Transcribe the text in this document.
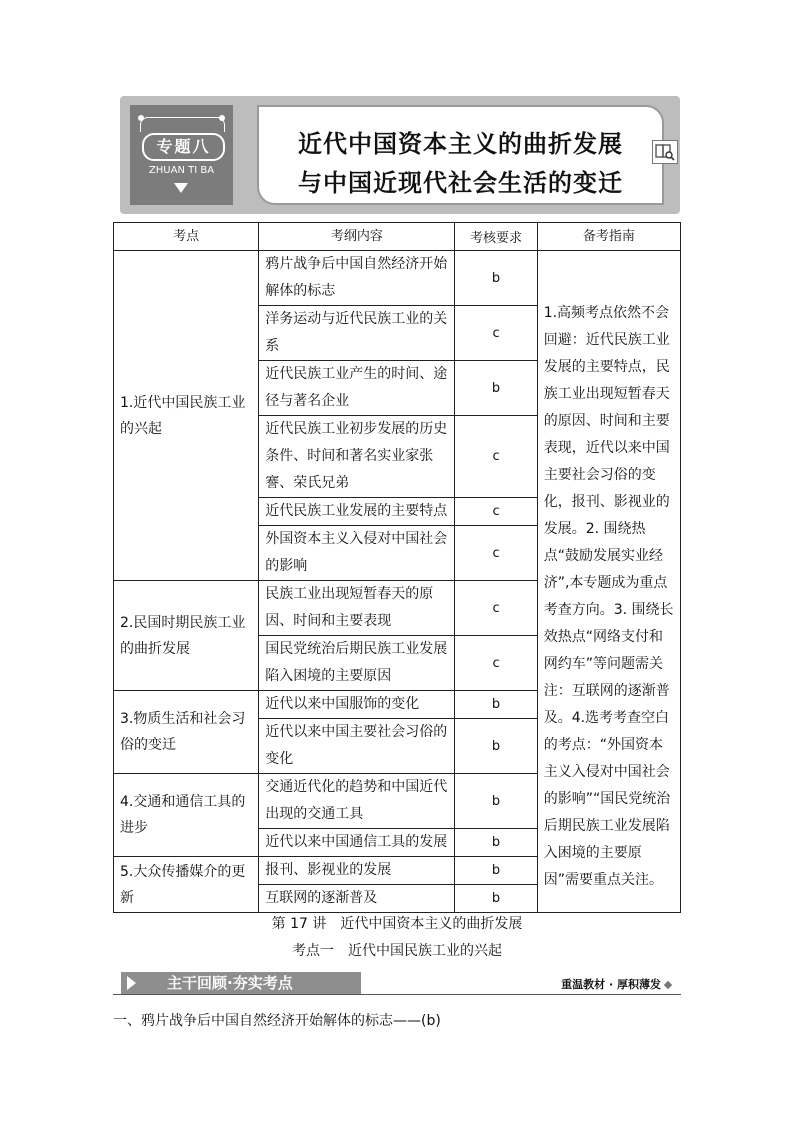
专题八
ZHUAN TI BA
近代中国资本主义的曲折发展
与中国近现代社会生活的变迁
考点	考纲内容	考核要求	备考指南
1.近代中国民族工业的兴起	鸦片战争后中国自然经济开始解体的标志	b	1.高频考点依然不会回避：近代民族工业发展的主要特点，民族工业出现短暂春天的原因、时间和主要表现，近代以来中国主要社会习俗的变化，报刊、影视业的发展。2. 围绕热点“鼓励发展实业经济”,本专题成为重点考查方向。3. 围绕长效热点“网络支付和网约车”等问题需关注：互联网的逐渐普及。4.选考考查空白的考点：“外国资本主义入侵对中国社会的影响”“国民党统治后期民族工业发展陷入困境的主要原因”需要重点关注。
	洋务运动与近代民族工业的关系	c	
	近代民族工业产生的时间、途径与著名企业	b	
	近代民族工业初步发展的历史条件、时间和著名实业家张謇、荣氏兄弟	c	
	近代民族工业发展的主要特点	c	
	外国资本主义入侵对中国社会的影响	c	
2.民国时期民族工业的曲折发展	民族工业出现短暂春天的原因、时间和主要表现	c	
	国民党统治后期民族工业发展陷入困境的主要原因	c	
3.物质生活和社会习俗的变迁	近代以来中国服饰的变化	b	
	近代以来中国主要社会习俗的变化	b	
4.交通和通信工具的进步	交通近代化的趋势和中国近代出现的交通工具	b	
	近代以来中国通信工具的发展	b	
5.大众传播媒介的更新	报刊、影视业的发展	b	
	互联网的逐渐普及	b	
第 17 讲　近代中国资本主义的曲折发展
考点一　近代中国民族工业的兴起
主干回顾·夯实考点	重温教材 · 厚积薄发
一、鸦片战争后中国自然经济开始解体的标志——(b)
